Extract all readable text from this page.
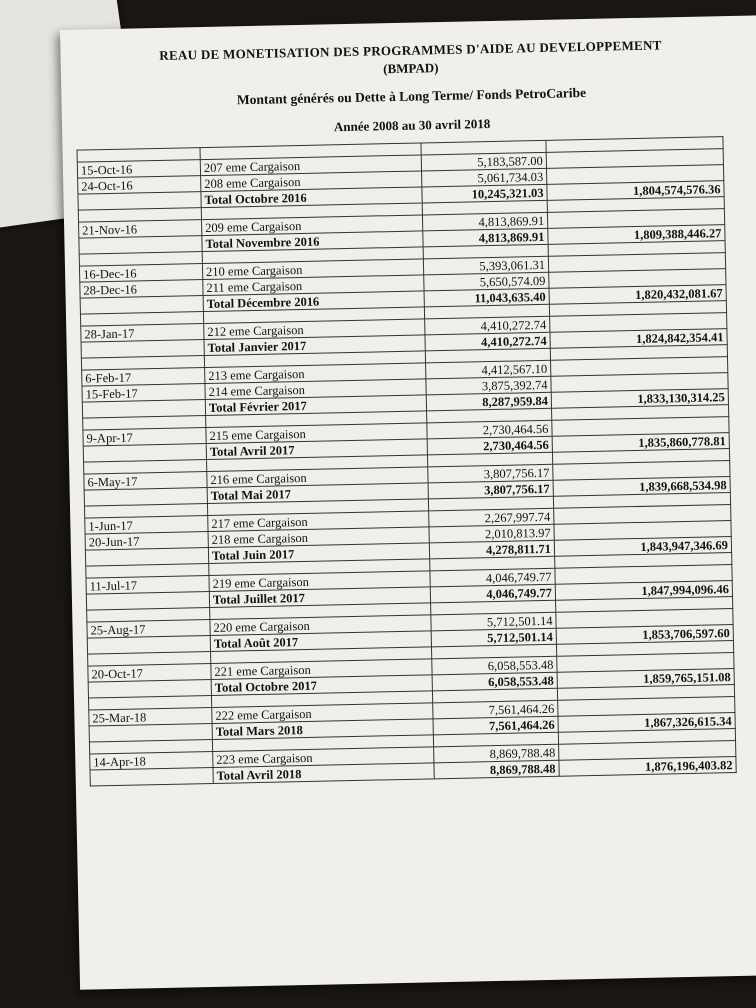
REAU DE MONETISATION DES PROGRAMMES D'AIDE AU DEVELOPPEMENT
(BMPAD)
Montant générés ou Dette à Long Terme/ Fonds PetroCaribe
Année 2008 au 30 avril 2018

15-Oct-16	207 eme Cargaison	5,183,587.00	
24-Oct-16	208 eme Cargaison	5,061,734.03	
	Total Octobre 2016	10,245,321.03	1,804,574,576.36

21-Nov-16	209 eme Cargaison	4,813,869.91	
	Total Novembre 2016	4,813,869.91	1,809,388,446.27

16-Dec-16	210 eme Cargaison	5,393,061.31	
28-Dec-16	211 eme Cargaison	5,650,574.09	
	Total Décembre 2016	11,043,635.40	1,820,432,081.67

28-Jan-17	212 eme Cargaison	4,410,272.74	
	Total Janvier 2017	4,410,272.74	1,824,842,354.41

6-Feb-17	213 eme Cargaison	4,412,567.10	
15-Feb-17	214 eme Cargaison	3,875,392.74	
	Total Février 2017	8,287,959.84	1,833,130,314.25

9-Apr-17	215 eme Cargaison	2,730,464.56	
	Total Avril 2017	2,730,464.56	1,835,860,778.81

6-May-17	216 eme Cargaison	3,807,756.17	
	Total Mai 2017	3,807,756.17	1,839,668,534.98

1-Jun-17	217 eme Cargaison	2,267,997.74	
20-Jun-17	218 eme Cargaison	2,010,813.97	
	Total Juin 2017	4,278,811.71	1,843,947,346.69

11-Jul-17	219 eme Cargaison	4,046,749.77	
	Total Juillet 2017	4,046,749.77	1,847,994,096.46

25-Aug-17	220 eme Cargaison	5,712,501.14	
	Total Août 2017	5,712,501.14	1,853,706,597.60

20-Oct-17	221 eme Cargaison	6,058,553.48	
	Total Octobre 2017	6,058,553.48	1,859,765,151.08

25-Mar-18	222 eme Cargaison	7,561,464.26	
	Total Mars 2018	7,561,464.26	1,867,326,615.34

14-Apr-18	223 eme Cargaison	8,869,788.48	
	Total Avril 2018	8,869,788.48	1,876,196,403.82
